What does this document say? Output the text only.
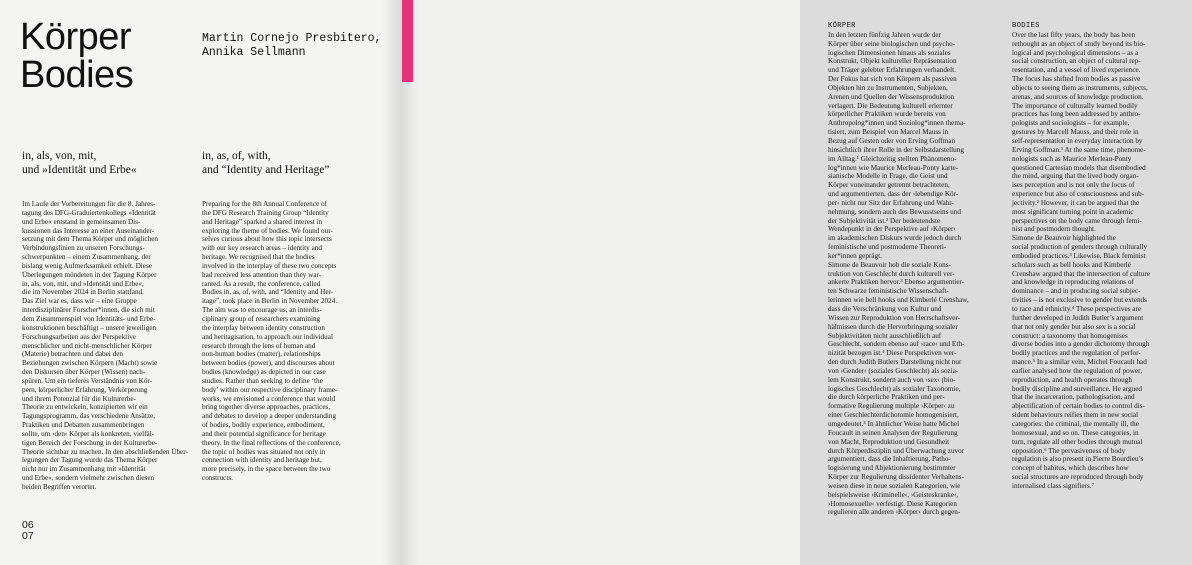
Körper
Bodies
Martin Cornejo Presbitero,
Annika Sellmann
in, als, von, mit,
und »Identität und Erbe«
in, as, of, with,
and “Identity and Heritage”
Im Laufe der Vorbereitungen für die 8. Jahres-
tagung des DFG-Graduiertenkollegs »Identität
und Erbe« entstand in gemeinsamen Dis-
kussionen das Interesse an einer Auseinander-
setzung mit dem Thema Körper und möglichen
Verbindungslinien zu unseren Forschungs-
schwerpunkten – einem Zusammenhang, der
bislang wenig Aufmerksamkeit erhielt. Diese
Überlegungen mündeten in der Tagung Körper
in, als, von, mit, und »Identität und Erbe«,
die im November 2024 in Berlin stattfand.
Das Ziel war es, dass wir – eine Gruppe
interdisziplinärer Forscher*innen, die sich mit
dem Zusammenspiel von Identitäts- und Erbe-
konstruktionen beschäftigt – unsere jeweiligen
Forschungsarbeiten aus der Perspektive
menschlicher und nicht-menschlicher Körper
(Materie) betrachten und dabei den
Beziehungen zwischen Körpern (Macht) sowie
den Diskursen über Körper (Wissen) nach-
spüren. Um ein tieferes Verständnis von Kör-
pern, körperlicher Erfahrung, Verkörperung
und ihrem Potenzial für die Kulturerbe-
Theorie zu entwickeln, konzipierten wir ein
Tagungsprogramm, das verschiedene Ansätze,
Praktiken und Debatten zusammenbringen
sollte, um ›den‹ Körper als konkreten, vielfäl-
tigen Bereich der Forschung in der Kulturerbe-
Theorie sichtbar zu machen. In den abschließenden Über-
legungen der Tagung wurde das Thema Körper
nicht nur im Zusammenhang mit »Identität
und Erbe«, sondern vielmehr zwischen diesen
beiden Begriffen verortet.
Preparing for the 8th Annual Conference of
the DFG Research Training Group “Identity
and Heritage” sparked a shared interest in
exploring the theme of bodies. We found our-
selves curious about how this topic intersects
with our key research areas – identity and
heritage. We recognised that the bodies
involved in the interplay of these two concepts
had received less attention than they war-
ranted. As a result, the conference, called
Bodies in, as, of, with, and “Identity and Her-
itage”, took place in Berlin in November 2024.
The aim was to encourage us, an interdis-
ciplinary group of researchers examining
the interplay between identity construction
and heritagisation, to approach our individual
research through the lens of human and
non-human bodies (matter), relationships
between bodies (power), and discourses about
bodies (knowledge) as depicted in our case
studies. Rather than seeking to define ‘the
body’ within our respective disciplinary frame-
works, we envisioned a conference that would
bring together diverse approaches, practices,
and debates to develop a deeper understanding
of bodies, bodily experience, embodiment,
and their potential significance for heritage
theory. In the final reflections of the conference,
the topic of bodies was situated not only in
connection with identity and heritage but,
more precisely, in the space between the two
constructs.
06
07
KÖRPER
In den letzten fünfzig Jahren wurde der
Körper über seine biologischen und psycho-
logischen Dimensionen hinaus als soziales
Konstrukt, Objekt kultureller Repräsentation
und Träger gelebter Erfahrungen verhandelt.
Der Fokus hat sich von Körpern als passiven
Objekten hin zu Instrumenten, Subjekten,
Arenen und Quellen der Wissensproduktion
verlagert. Die Bedeutung kulturell erlernter
körperlicher Praktiken wurde bereits von
Anthropolog*innen und Soziolog*innen thema-
tisiert, zum Beispiel von Marcel Mauss in
Bezug auf Gesten oder von Erving Goffman
hinsichtlich ihrer Rolle in der Selbstdarstellung
im Alltag.¹ Gleichzeitig stellten Phänomeno-
log*innen wie Maurice Merleau-Ponty karte-
sianische Modelle in Frage, die Geist und
Körper voneinander getrennt betrachteten,
und argumentierten, dass der ›lebendige Kör-
per‹ nicht nur Sitz der Erfahrung und Wahr-
nehmung, sondern auch des Bewusstseins und
der Subjektivität ist.² Der bedeutendste
Wendepunkt in der Perspektive auf ›Körper‹
im akademischen Diskurs wurde jedoch durch
feministische und postmoderne Theoreti-
ker*innen geprägt.
Simone de Beauvoir hob die soziale Kons-
truktion von Geschlecht durch kulturell ver-
ankerte Praktiken hervor.³ Ebenso argumentier-
ten Schwarze feministische Wissenschaft-
lerinnen wie bell hooks und Kimberlé Crenshaw,
dass die Verschränkung von Kultur und
Wissen zur Reproduktion von Herrschaftsver-
hältnissen durch die Hervorbringung sozialer
Subjektivitäten nicht ausschließlich auf
Geschlecht, sondern ebenso auf ›race‹ und Eth-
nizität bezogen ist.⁴ Diese Perspektiven wer-
den durch Judith Butlers Darstellung nicht nur
von ›Gender‹ (soziales Geschlecht) als sozia-
lem Konstrukt, sondern auch von ›sex‹ (bio-
logisches Geschlecht) als sozialer Taxonomie,
die durch körperliche Praktiken und per-
formative Regulierung multiple ›Körper‹ zu
einer Geschlechterdichotomie homogenisiert,
umgedeutet.⁵ In ähnlicher Weise hatte Michel
Foucault in seinen Analysen der Regulierung
von Macht, Reproduktion und Gesundheit
durch Körperdisziplin und Überwachung zuvor
argumentiert, dass die Inhaftierung, Patho-
logisierung und Abjektionierung bestimmter
Körper zur Regulierung dissidenter Verhaltens-
weisen diese in neue sozialen Kategorien, wie
beispielsweise ›Kriminelle‹, ›Geisteskranke‹,
›Homosexuelle‹ verfestigt. Diese Kategorien
regulieren alle anderen ›Körper‹ durch gegen-
BODIES
Over the last fifty years, the body has been
rethought as an object of study beyond its bio-
logical and psychological dimensions – as a
social construction, an object of cultural rep-
resentation, and a vessel of lived experience.
The focus has shifted from bodies as passive
objects to seeing them as instruments, subjects,
arenas, and sources of knowledge production.
The importance of culturally learned bodily
practices has long been addressed by anthro-
pologists and sociologists – for example,
gestures by Marcell Mauss, and their role in
self-representation in everyday interaction by
Erving Goffman.¹ At the same time, phenome-
nologists such as Maurice Merleau-Ponty
questioned Cartesian models that disembodied
the mind, arguing that the lived body organ-
ises perception and is not only the locus of
experience but also of consciousness and sub-
jectivity.² However, it can be argued that the
most significant turning point in academic
perspectives on the body came through femi-
nist and postmodern thought.
Simone de Beauvoir highlighted the
social production of genders through culturally
embodied practices.³ Likewise, Black feminist
scholars such as bell hooks and Kimberlé
Crenshaw argued that the intersection of culture
and knowledge in reproducing relations of
dominance – and in producing social subjec-
tivities – is not exclusive to gender but extends
to race and ethnicity.⁴ These perspectives are
further developed in Judith Butler’s argument
that not only gender but also sex is a social
construct: a taxonomy that homogenises
diverse bodies into a gender dichotomy through
bodily practices and the regulation of perfor-
mance.⁵ In a similar vein, Michel Foucault had
earlier analysed how the regulation of power,
reproduction, and health operates through
bodily discipline and surveillance. He argued
that the incarceration, pathologisation, and
abjectification of certain bodies to control dis-
sident behaviours reifies them in new social
categories: the criminal, the mentally ill, the
homosexual, and so on. These categories, in
turn, regulate all other bodies through mutual
opposition.⁶ The pervasiveness of body
regulation is also present in Pierre Bourdieu’s
concept of habitus, which describes how
social structures are reproduced through body
internalised class signifiers.⁷
